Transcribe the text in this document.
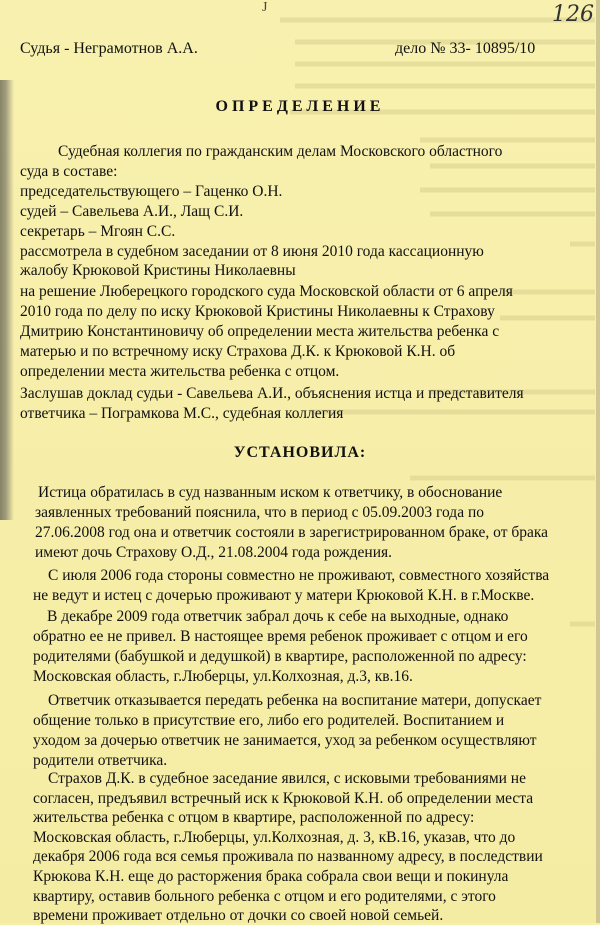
J	126
Судья - Неграмотнов А.А.	дело № 33- 10895/10
ОПРЕДЕЛЕНИЕ
Судебная коллегия по гражданским делам Московского областного
суда в составе:
председательствующего – Гаценко О.Н.
судей – Савельева А.И., Лащ С.И.
секретарь – Мгоян С.С.
рассмотрела в судебном заседании от 8 июня 2010 года кассационную
жалобу Крюковой Кристины Николаевны
на решение Люберецкого городского суда Московской области от 6 апреля
2010 года по делу по иску Крюковой Кристины Николаевны к Страхову
Дмитрию Константиновичу об определении места жительства ребенка с
матерью и по встречному иску Страхова Д.К. к Крюковой К.Н. об
определении места жительства ребенка с отцом.
Заслушав доклад судьи - Савельева А.И., объяснения истца и представителя
ответчика – Пограмкова М.С., судебная коллегия
УСТАНОВИЛА:
Истица обратилась в суд названным иском к ответчику, в обоснование
заявленных требований пояснила, что в период с 05.09.2003 года по
27.06.2008 год она и ответчик состояли в зарегистрированном браке, от брака
имеют дочь Страхову О.Д., 21.08.2004 года рождения.
С июля 2006 года стороны совместно не проживают, совместного хозяйства
не ведут и истец с дочерью проживают у матери Крюковой К.Н. в г.Москве.
В декабре 2009 года ответчик забрал дочь к себе на выходные, однако
обратно ее не привел. В настоящее время ребенок проживает с отцом и его
родителями (бабушкой и дедушкой) в квартире, расположенной по адресу:
Московская область, г.Люберцы, ул.Колхозная, д.3, кв.16.
Ответчик отказывается передать ребенка на воспитание матери, допускает
общение только в присутствие его, либо его родителей. Воспитанием и
уходом за дочерью ответчик не занимается, уход за ребенком осуществляют
родители ответчика.
Страхов Д.К. в судебное заседание явился, с исковыми требованиями не
согласен, предъявил встречный иск к Крюковой К.Н. об определении места
жительства ребенка с отцом в квартире, расположенной по адресу:
Московская область, г.Люберцы, ул.Колхозная, д. 3, кВ.16, указав, что до
декабря 2006 года вся семья проживала по названному адресу, в последствии
Крюкова К.Н. еще до расторжения брака собрала свои вещи и покинула
квартиру, оставив больного ребенка с отцом и его родителями, с этого
времени проживает отдельно от дочки со своей новой семьей.
